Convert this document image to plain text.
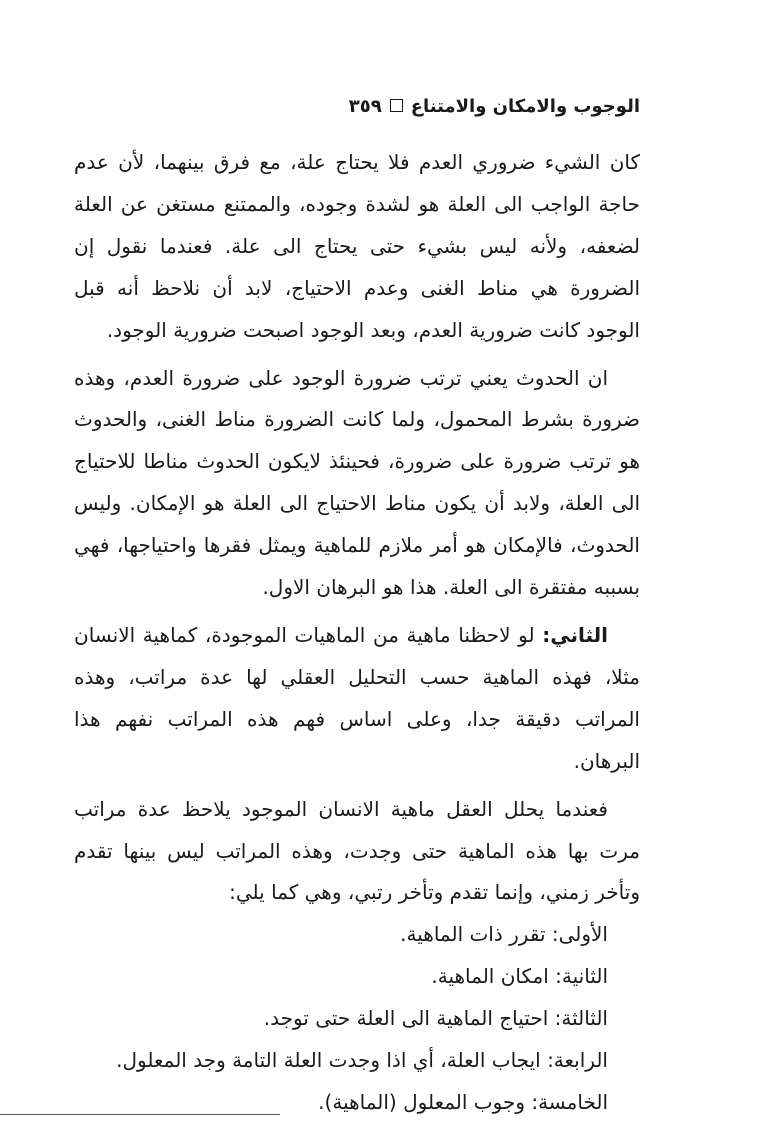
الوجوب والامكان والامتناع٣٥٩

كان الشيء ضروري العدم فلا يحتاج علة، مع فرق بينهما، لأن عدم حاجة الواجب الى العلة هو لشدة وجوده، والممتنع مستغن عن العلة لضعفه، ولأنه ليس بشيء حتى يحتاج الى علة. فعندما نقول إن الضرورة هي مناط الغنى وعدم الاحتياج، لابد أن نلاحظ أنه قبل الوجود كانت ضرورية العدم، وبعد الوجود اصبحت ضرورية الوجود.

ان الحدوث يعني ترتب ضرورة الوجود على ضرورة العدم، وهذه ضرورة بشرط المحمول، ولما كانت الضرورة مناط الغنى، والحدوث هو ترتب ضرورة على ضرورة، فحينئذ لايكون الحدوث مناطا للاحتياج الى العلة، ولابد أن يكون مناط الاحتياج الى العلة هو الإمكان. وليس الحدوث، فالإمكان هو أمر ملازم للماهية ويمثل فقرها واحتياجها، فهي بسببه مفتقرة الى العلة. هذا هو البرهان الاول.

الثاني: لو لاحظنا ماهية من الماهيات الموجودة، كماهية الانسان مثلا، فهذه الماهية حسب التحليل العقلي لها عدة مراتب، وهذه المراتب دقيقة جدا، وعلى اساس فهم هذه المراتب نفهم هذا البرهان.

فعندما يحلل العقل ماهية الانسان الموجود يلاحظ عدة مراتب مرت بها هذه الماهية حتى وجدت، وهذه المراتب ليس بينها تقدم وتأخر زمني، وإنما تقدم وتأخر رتبي، وهي كما يلي:

الأولى: تقرر ذات الماهية.

الثانية: امكان الماهية.

الثالثة: احتياج الماهية الى العلة حتى توجد.

الرابعة: ايجاب العلة، أي اذا وجدت العلة التامة وجد المعلول.

الخامسة: وجوب المعلول (الماهية).
